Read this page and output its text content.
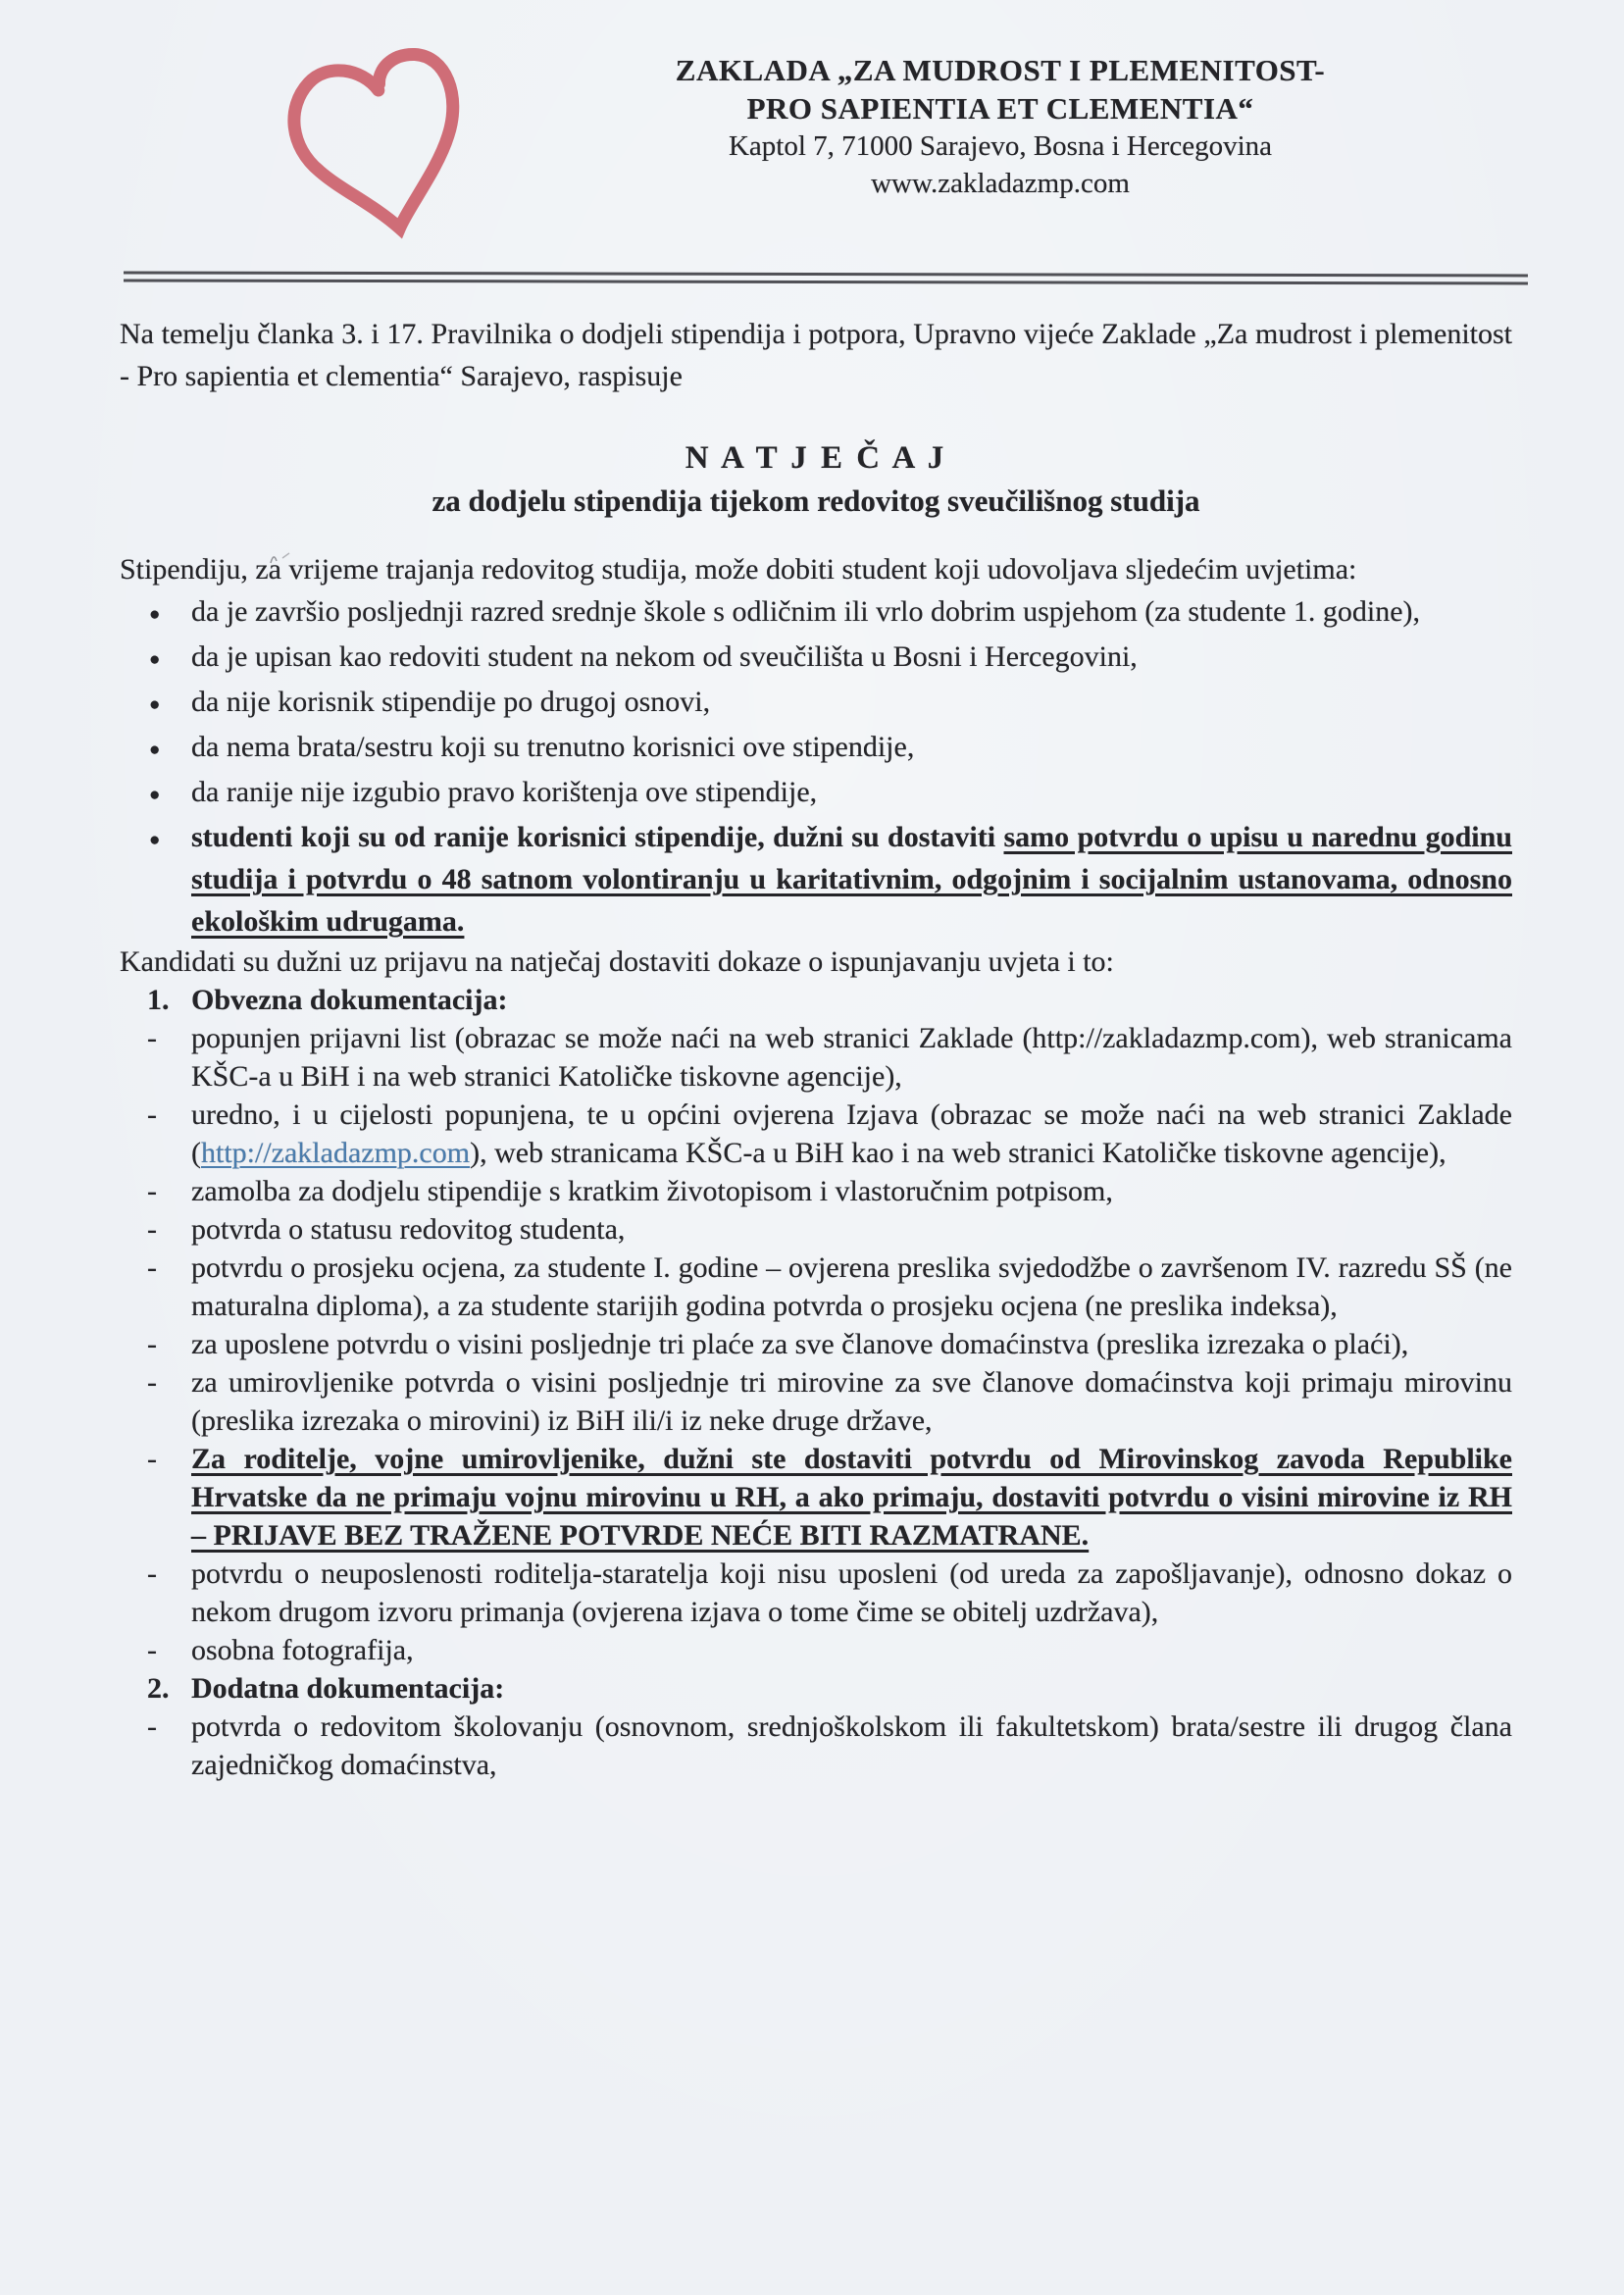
ZAKLADA „ZA MUDROST I PLEMENITOST-
PRO SAPIENTIA ET CLEMENTIA“
Kaptol 7, 71000 Sarajevo, Bosna i Hercegovina
www.zakladazmp.com

Na temelju članka 3. i 17. Pravilnika o dodjeli stipendija i potpora, Upravno vijeće Zaklade „Za mudrost i plemenitost - Pro sapientia et clementia“ Sarajevo, raspisuje

N A T J E Č A J
za dodjelu stipendija tijekom redovitog sveučilišnog studija

Stipendiju, za vrijeme trajanja redovitog studija, može dobiti student koji udovoljava sljedećim uvjetima:

●	da je završio posljednji razred srednje škole s odličnim ili vrlo dobrim uspjehom (za studente 1. godine),
●	da je upisan kao redoviti student na nekom od sveučilišta u Bosni i Hercegovini,
●	da nije korisnik stipendije po drugoj osnovi,
●	da nema brata/sestru koji su trenutno korisnici ove stipendije,
●	da ranije nije izgubio pravo korištenja ove stipendije,
●	studenti koji su od ranije korisnici stipendije, dužni su dostaviti samo potvrdu o upisu u narednu godinu studija i potvrdu o 48 satnom volontiranju u karitativnim, odgojnim i socijalnim ustanovama, odnosno ekološkim udrugama.

Kandidati su dužni uz prijavu na natječaj dostaviti dokaze o ispunjavanju uvjeta i to:

1. Obvezna dokumentacija:
-	popunjen prijavni list (obrazac se može naći na web stranici Zaklade (http://zakladazmp.com), web stranicama KŠC-a u BiH i na web stranici Katoličke tiskovne agencije),
-	uredno, i u cijelosti popunjena, te u općini ovjerena Izjava (obrazac se može naći na web stranici Zaklade (http://zakladazmp.com), web stranicama KŠC-a u BiH kao i na web stranici Katoličke tiskovne agencije),
-	zamolba za dodjelu stipendije s kratkim životopisom i vlastoručnim potpisom,
-	potvrda o statusu redovitog studenta,
-	potvrdu o prosjeku ocjena, za studente I. godine – ovjerena preslika svjedodžbe o završenom IV. razredu SŠ (ne maturalna diploma), a za studente starijih godina potvrda o prosjeku ocjena (ne preslika indeksa),
-	za uposlene potvrdu o visini posljednje tri plaće za sve članove domaćinstva (preslika izrezaka o plaći),
-	za umirovljenike potvrda o visini posljednje tri mirovine za sve članove domaćinstva koji primaju mirovinu (preslika izrezaka o mirovini) iz BiH ili/i iz neke druge države,
-	Za roditelje, vojne umirovljenike, dužni ste dostaviti potvrdu od Mirovinskog zavoda Republike Hrvatske da ne primaju vojnu mirovinu u RH, a ako primaju, dostaviti potvrdu o visini mirovine iz RH – PRIJAVE BEZ TRAŽENE POTVRDE NEĆE BITI RAZMATRANE.
-	potvrdu o neuposlenosti roditelja-staratelja koji nisu uposleni (od ureda za zapošljavanje), odnosno dokaz o nekom drugom izvoru primanja (ovjerena izjava o tome čime se obitelj uzdržava),
-	osobna fotografija,
2. Dodatna dokumentacija:
-	potvrda o redovitom školovanju (osnovnom, srednjoškolskom ili fakultetskom) brata/sestre ili drugog člana zajedničkog domaćinstva,
